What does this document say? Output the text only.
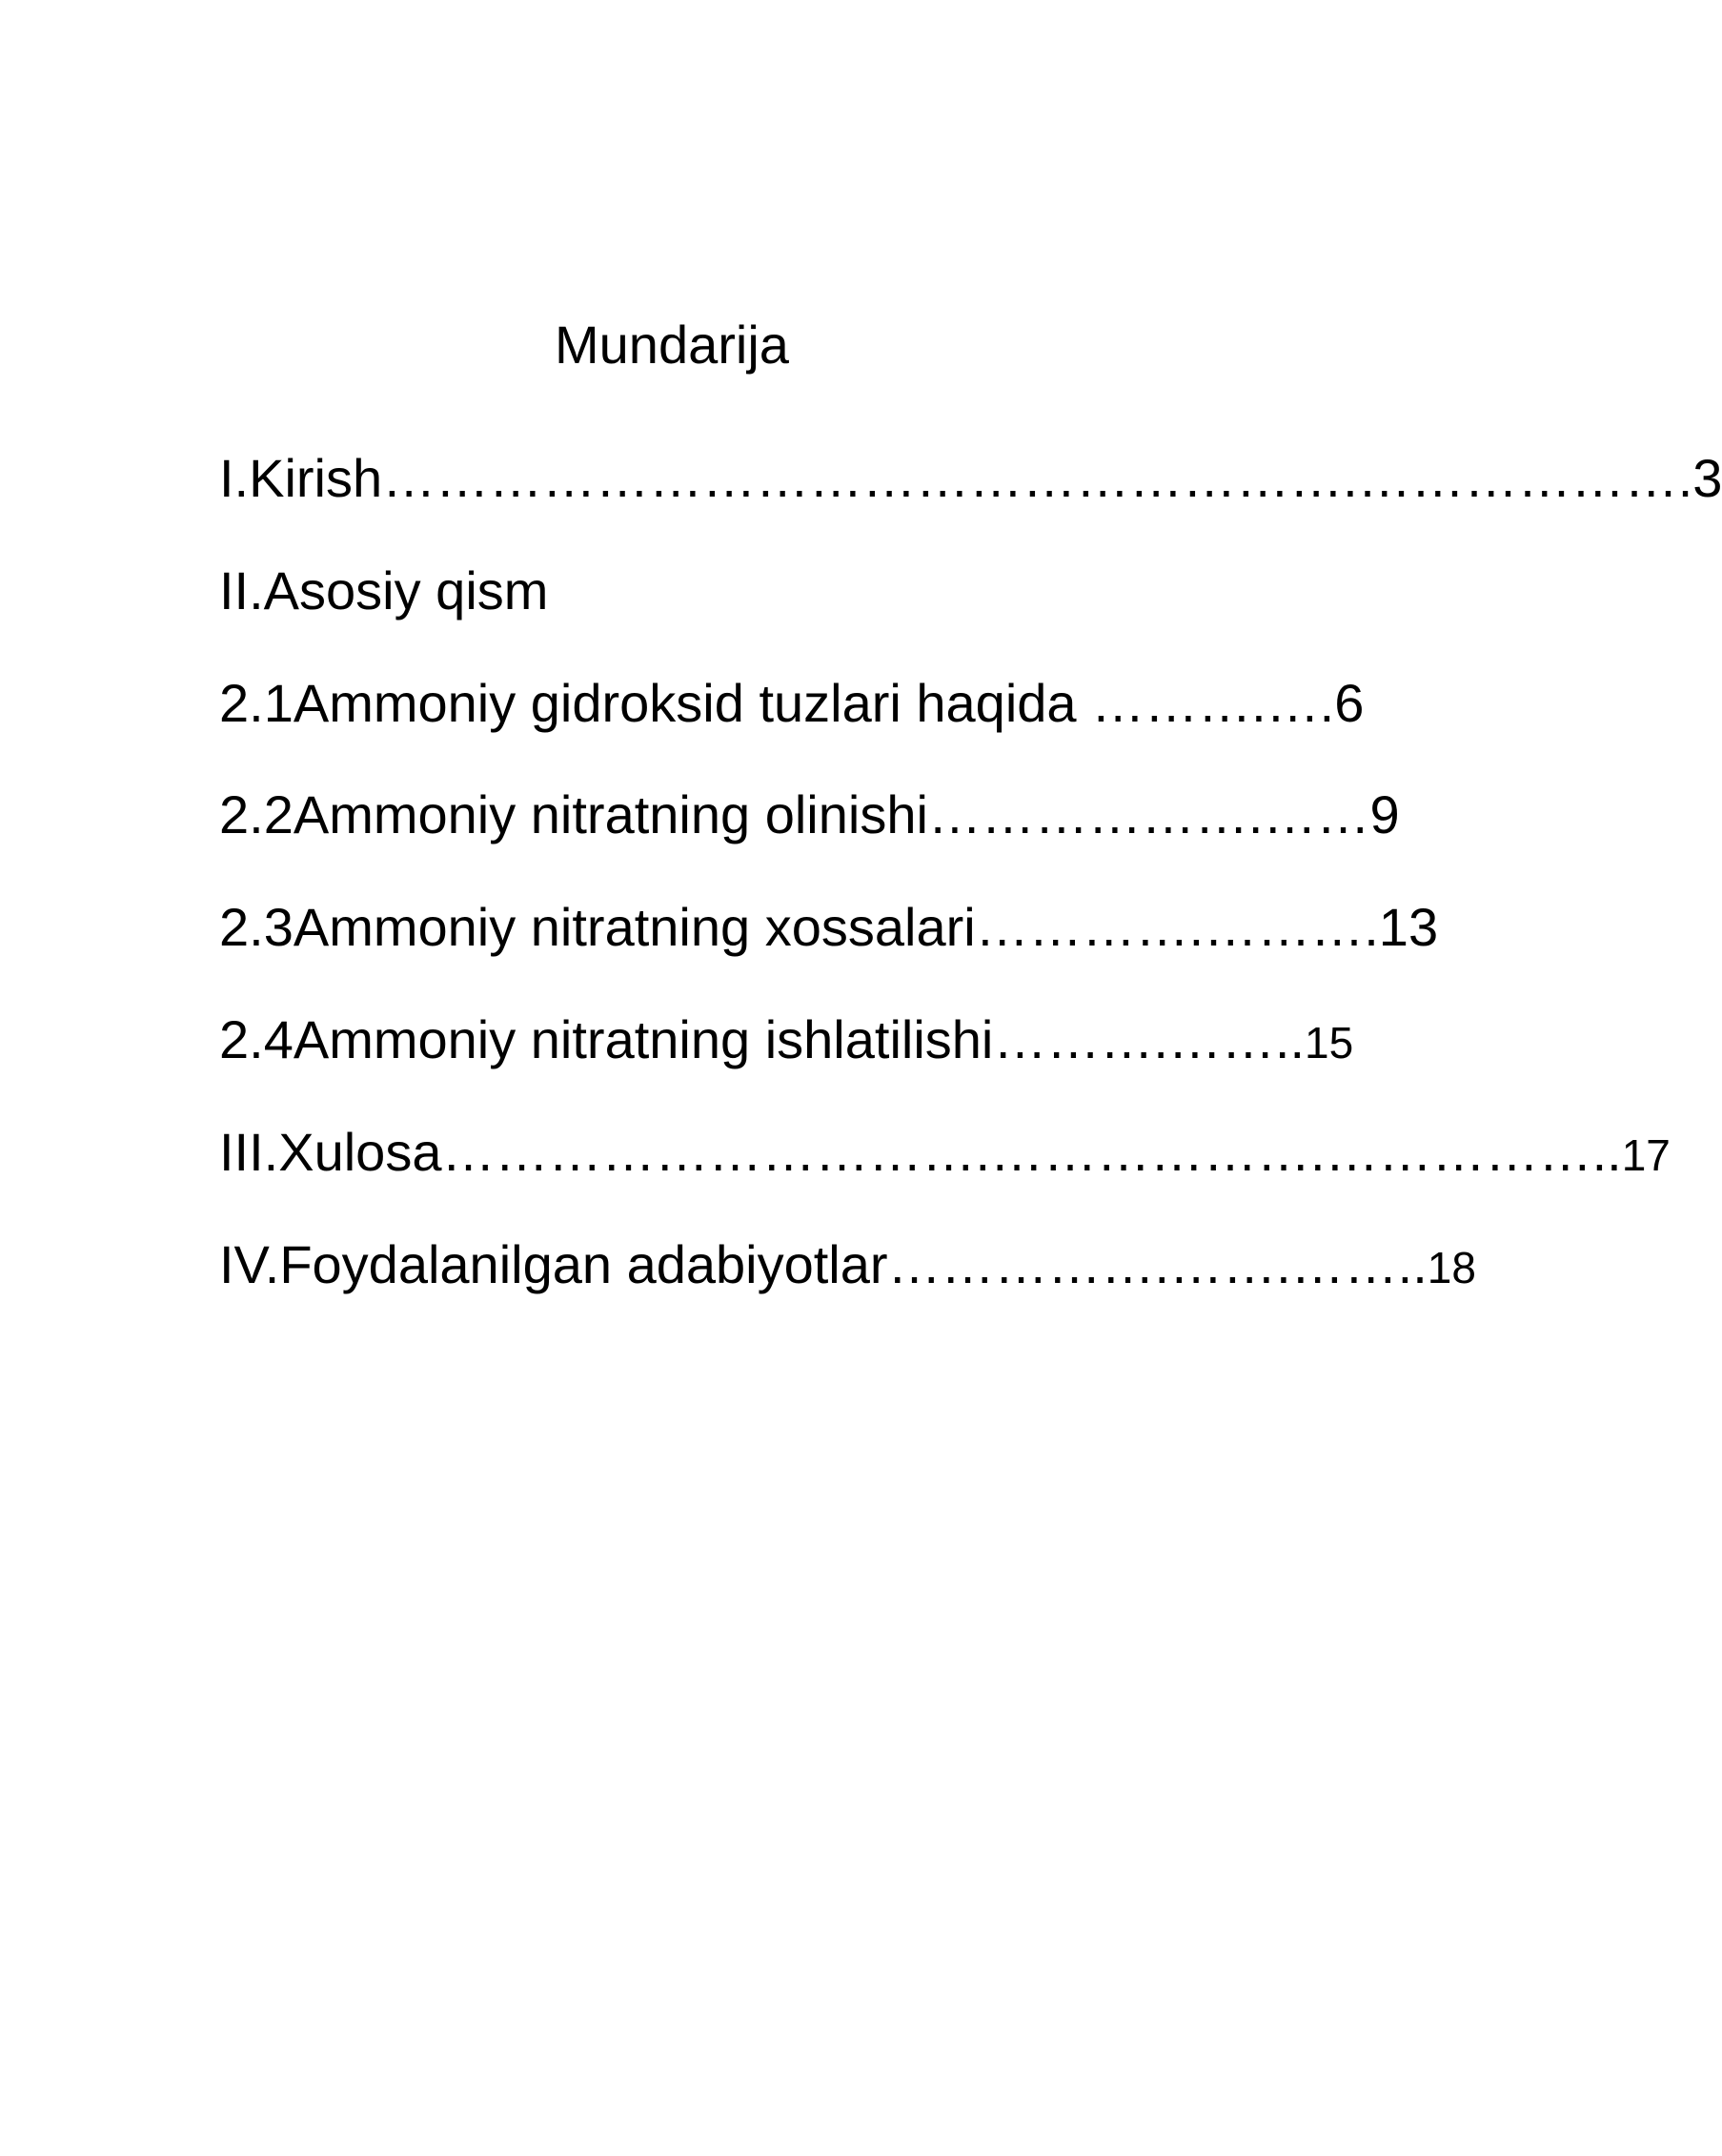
Mundarija
I.Kirish……………………………………………….……………….3
II.Asosiy qism
2.1Ammoniy gidroksid tuzlari haqida ……….….6
2.2Ammoniy nitratning olinishi……………….……9
2.3Ammoniy nitratning xossalari………….……….13
2.4Ammoniy nitratning ishlatilishi……….……..15
III.Xulosa………………………….……………….……………..17
IV.Foydalanilgan adabiyotlar…………….…….……..18
